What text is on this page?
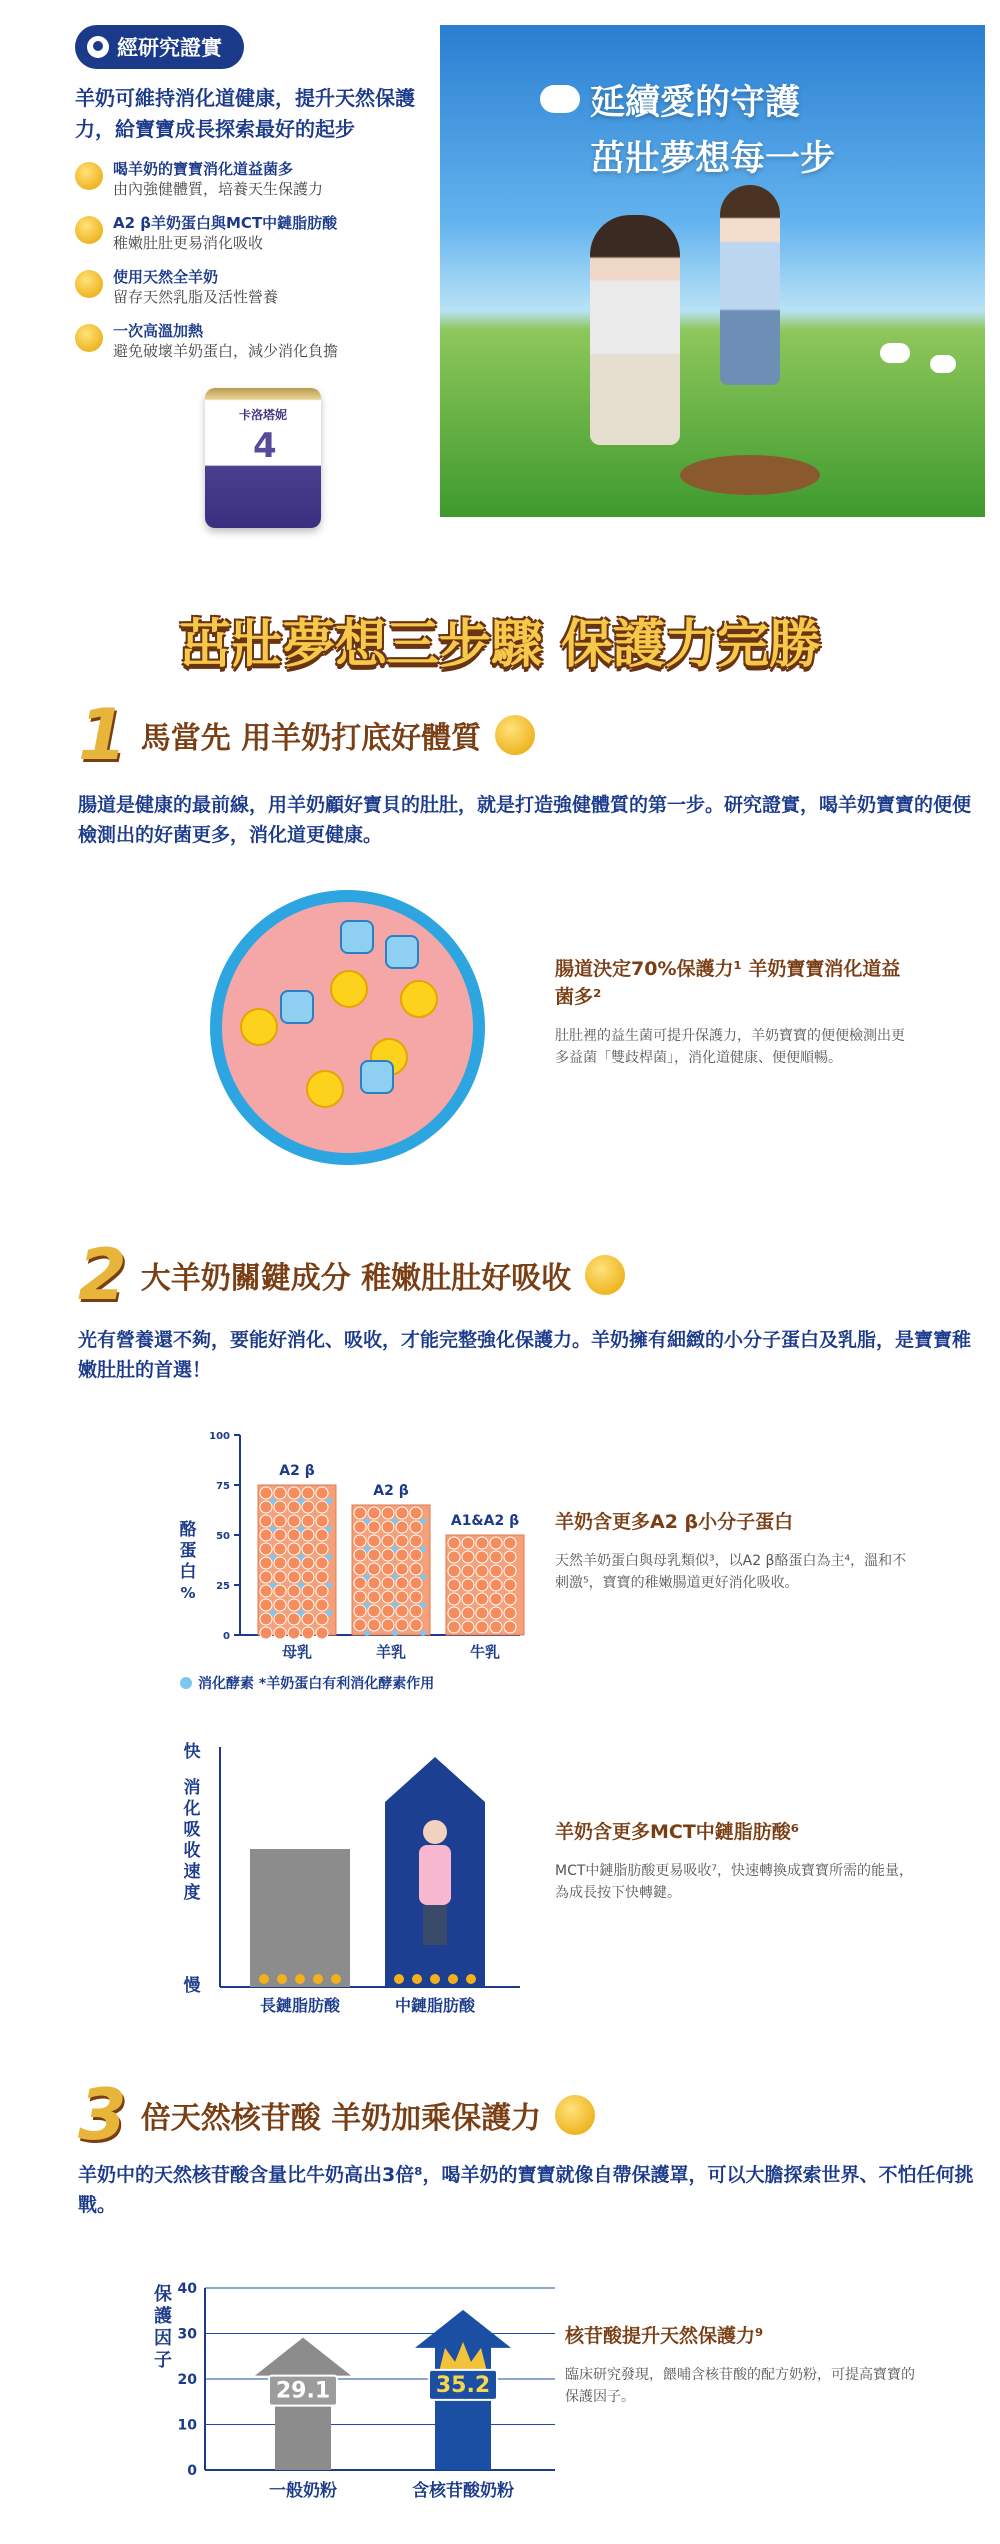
經研究證實
羊奶可維持消化道健康，提升天然保護力，給寶寶成長探索最好的起步
喝羊奶的寶寶消化道益菌多
由內強健體質，培養天生保護力
A2 β羊奶蛋白與MCT中鏈脂肪酸
稚嫩肚肚更易消化吸收
使用天然全羊奶
留存天然乳脂及活性營養
一次高溫加熱
避免破壞羊奶蛋白，減少消化負擔
卡洛塔妮
4
延續愛的守護
茁壯夢想每一步
茁壯夢想三步驟 保護力完勝
1 馬當先 用羊奶打底好體質
腸道是健康的最前線，用羊奶顧好寶貝的肚肚，就是打造強健體質的第一步。研究證實，喝羊奶寶寶的便便檢測出的好菌更多，消化道更健康。
腸道決定70%保護力¹ 羊奶寶寶消化道益菌多²
肚肚裡的益生菌可提升保護力，羊奶寶寶的便便檢測出更多益菌「雙歧桿菌」，消化道健康、便便順暢。
2 大羊奶關鍵成分 稚嫩肚肚好吸收
光有營養還不夠，要能好消化、吸收，才能完整強化保護力。羊奶擁有細緻的小分子蛋白及乳脂，是寶寶稚嫩肚肚的首選！
酪
蛋
白
%
0
25
50
75
100
A2 β
母乳
A2 β
羊乳
A1&A2 β
牛乳
消化酵素 *羊奶蛋白有利消化酵素作用
羊奶含更多A2 β小分子蛋白
天然羊奶蛋白與母乳類似³，以A2 β酪蛋白為主⁴，溫和不刺激⁵，寶寶的稚嫩腸道更好消化吸收。
快
消
化
吸
收
速
度
慢
長鏈脂肪酸	中鏈脂肪酸
羊奶含更多MCT中鏈脂肪酸⁶
MCT中鏈脂肪酸更易吸收⁷，快速轉換成寶寶所需的能量，為成長按下快轉鍵。
3 倍天然核苷酸 羊奶加乘保護力
羊奶中的天然核苷酸含量比牛奶高出3倍⁸，喝羊奶的寶寶就像自帶保護罩，可以大膽探索世界、不怕任何挑戰。
保
護
因
子
0
10
20
30
40
29.1
一般奶粉
35.2
含核苷酸奶粉
核苷酸提升天然保護力⁹
臨床研究發現，餵哺含核苷酸的配方奶粉，可提高寶寶的保護因子。
